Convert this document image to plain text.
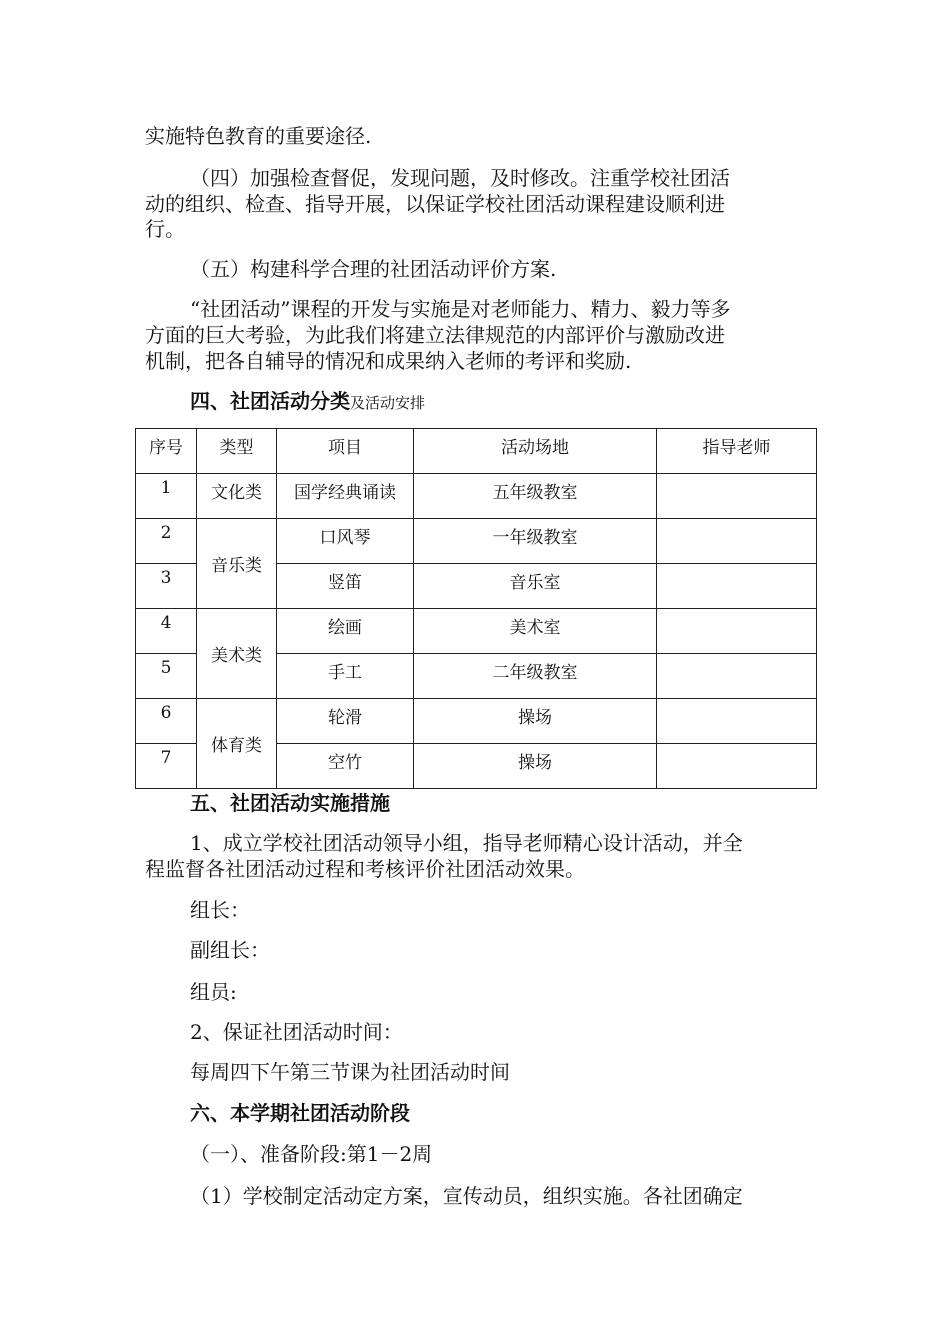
实施特色教育的重要途径.
（四）加强检查督促，发现问题，及时修改。注重学校社团活
动的组织、检查、指导开展，以保证学校社团活动课程建设顺利进
行。
（五）构建科学合理的社团活动评价方案.
“社团活动”课程的开发与实施是对老师能力、精力、毅力等多
方面的巨大考验，为此我们将建立法律规范的内部评价与激励改进
机制，把各自辅导的情况和成果纳入老师的考评和奖励.
四、社团活动分类及活动安排
序号	类型	项目	活动场地	指导老师
1	文化类	国学经典诵读	五年级教室	
2	音乐类	口风琴	一年级教室	
3		竖笛	音乐室	
4	美术类	绘画	美术室	
5		手工	二年级教室	
6	体育类	轮滑	操场	
7		空竹	操场	
五、社团活动实施措施
1、成立学校社团活动领导小组，指导老师精心设计活动，并全
程监督各社团活动过程和考核评价社团活动效果。
组长：
副组长：
组员:
2、保证社团活动时间：
每周四下午第三节课为社团活动时间
六、本学期社团活动阶段
（一）、准备阶段:第1－2周
（1）学校制定活动定方案，宣传动员，组织实施。各社团确定
